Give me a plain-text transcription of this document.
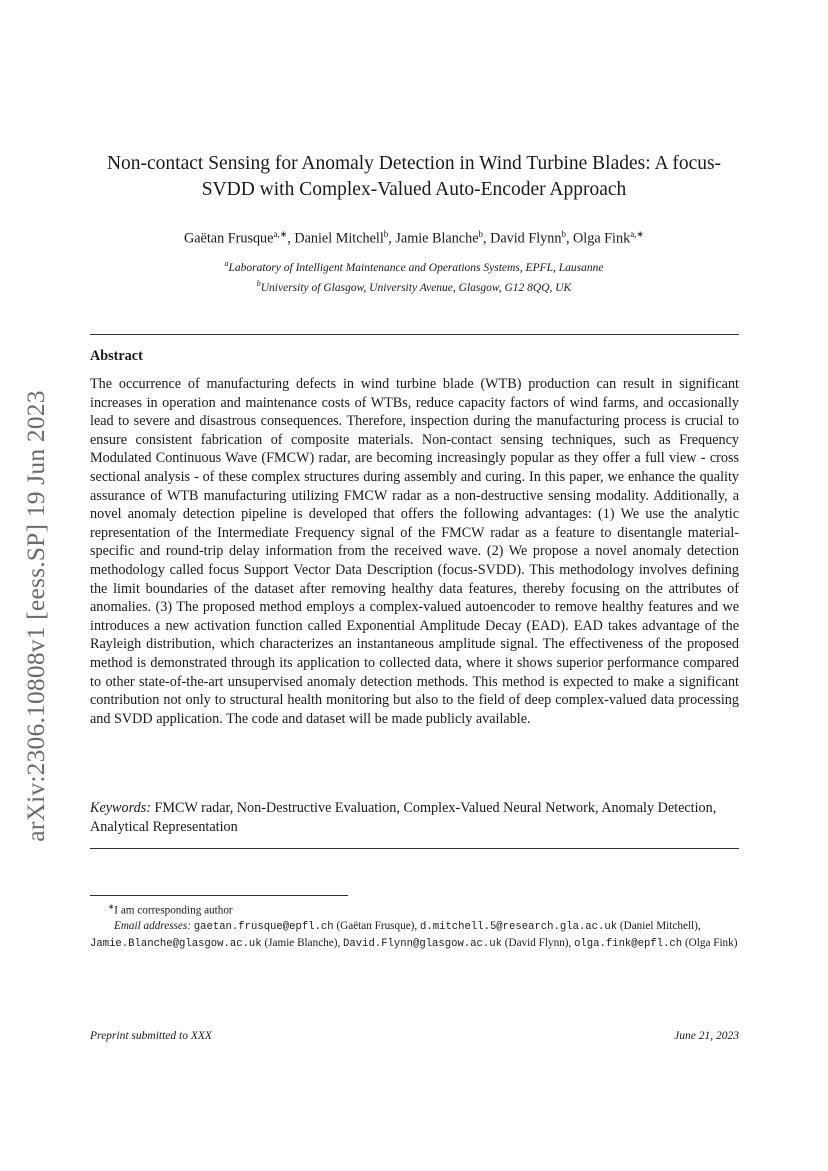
arXiv:2306.10808v1 [eess.SP] 19 Jun 2023
Non-contact Sensing for Anomaly Detection in Wind Turbine Blades: A focus-SVDD with Complex-Valued Auto-Encoder Approach
Gaëtan Frusque$^{a,∗}$, Daniel Mitchell$^b$, Jamie Blanche$^b$, David Flynn$^b$, Olga Fink$^{a,∗}$
$^a$Laboratory of Intelligent Maintenance and Operations Systems, EPFL, Lausanne
$^b$University of Glasgow, University Avenue, Glasgow, G12 8QQ, UK
Abstract

The occurrence of manufacturing defects in wind turbine blade (WTB) production can result in significant increases in operation and maintenance costs of WTBs, reduce capacity factors of wind farms, and occasionally lead to severe and disastrous consequences. Therefore, inspection during the manufacturing process is crucial to ensure consistent fabrication of composite materials. Non-contact sensing techniques, such as Frequency Modulated Continuous Wave (FMCW) radar, are becoming increasingly popular as they offer a full view - cross sectional analysis - of these complex structures during assembly and curing. In this paper, we enhance the quality assurance of WTB manufacturing utilizing FMCW radar as a non-destructive sensing modality. Additionally, a novel anomaly detection pipeline is developed that offers the following advantages: (1) We use the analytic representation of the Intermediate Frequency signal of the FMCW radar as a feature to disentangle material-specific and round-trip delay information from the received wave. (2) We propose a novel anomaly detection methodology called focus Support Vector Data Description (focus-SVDD). This methodology involves defining the limit boundaries of the dataset after removing healthy data features, thereby focusing on the attributes of anomalies. (3) The proposed method employs a complex-valued autoencoder to remove healthy features and we introduces a new activation function called Exponential Amplitude Decay (EAD). EAD takes advantage of the Rayleigh distribution, which characterizes an instantaneous amplitude signal. The effectiveness of the proposed method is demonstrated through its application to collected data, where it shows superior performance compared to other state-of-the-art unsupervised anomaly detection methods. This method is expected to make a significant contribution not only to structural health monitoring but also to the field of deep complex-valued data processing and SVDD application. The code and dataset will be made publicly available.

Keywords: FMCW radar, Non-Destructive Evaluation, Complex-Valued Neural Network, Anomaly Detection, Analytical Representation
∗I am corresponding author
Email addresses: gaetan.frusque@epfl.ch (Gaëtan Frusque), d.mitchell.5@research.gla.ac.uk (Daniel Mitchell), Jamie.Blanche@glasgow.ac.uk (Jamie Blanche), David.Flynn@glasgow.ac.uk (David Flynn), olga.fink@epfl.ch (Olga Fink)
Preprint submitted to XXX	June 21, 2023
